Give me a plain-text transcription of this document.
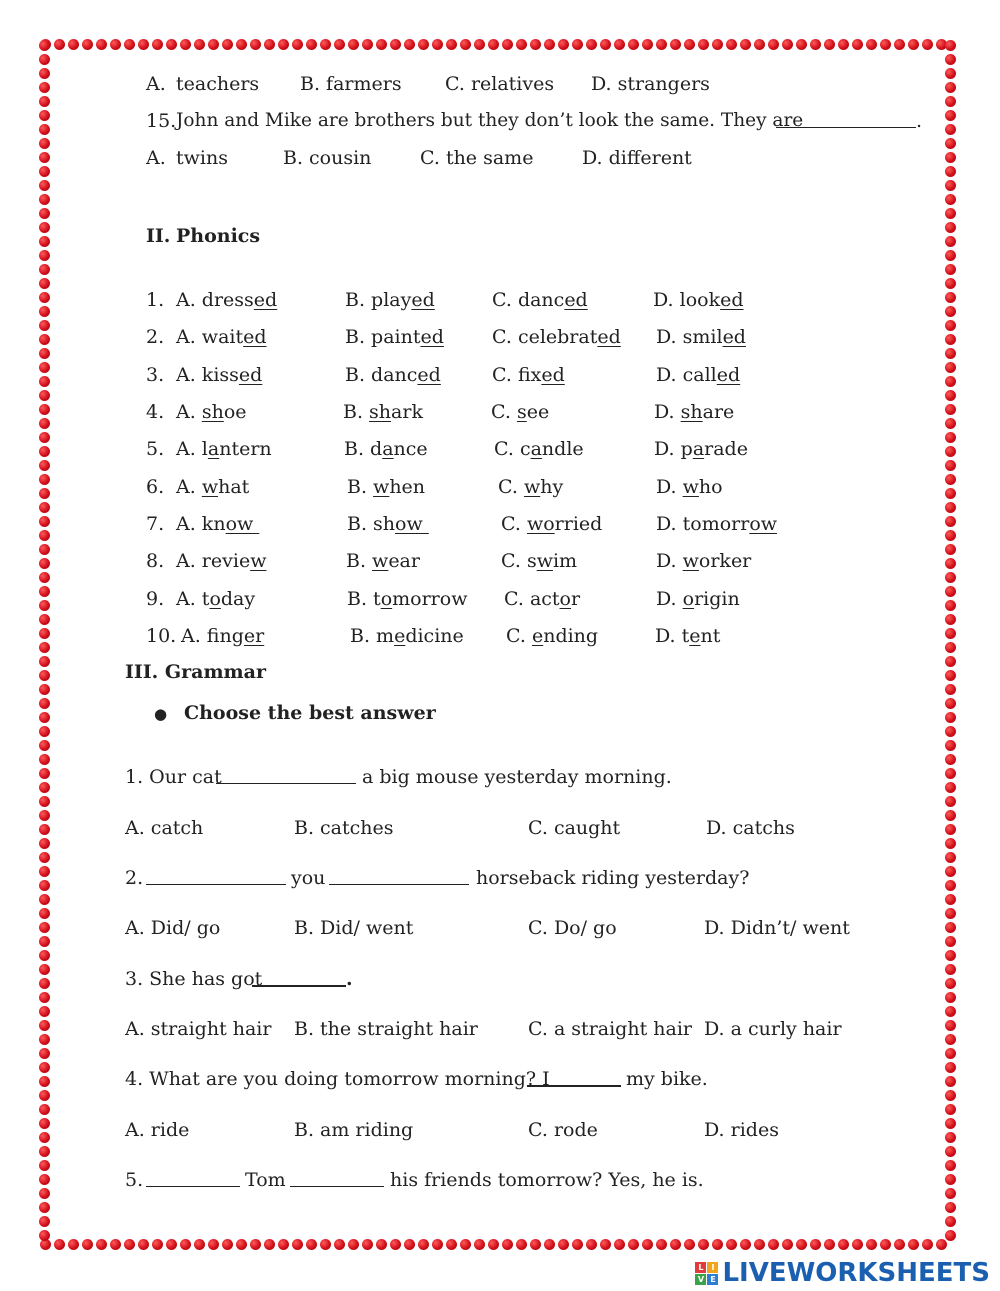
A. teachers B. farmers C. relatives D. strangers
15. John and Mike are brothers but they don’t look the same. They are	.
A. twins	B. cousin	C. the same	D. different
II. Phonics
1. A. dressed	B. played	C. danced	D. looked
2. A. waited	B. painted	C. celebrated D. smiled
3. A. kissed	B. danced	C. fixed	D. called
4. A. shoe	B. shark	C. see	D. share
5. A. lantern	B. dance	C. candle	D. parade
6. A. what	B. when	C. why	D. who
7. A. know	B. show	C. worried	D. tomorrow
8. A. review	B. wear	C. swim	D. worker
9. A. today	B. tomorrow C. actor	D. origin
10. A. finger	B. medicine C. ending	D. tent
III. Grammar
● Choose the best answer
1. Our cat	a big mouse yesterday morning.
A. catch	B. catches	C. caught	D. catchs
2.	you	horseback riding yesterday?
A. Did/ go	B. Did/ went	C. Do/ go	D. Didn’t/ went
3. She has got	.
A. straight hair B. the straight hair	C. a straight hair D. a curly hair
4. What are you doing tomorrow morning? I	my bike.
A. ride	B. am riding	C. rode	D. rides
5.	Tom	his friends tomorrow? Yes, he is.
L I
V E LIVEWORKSHEETS
